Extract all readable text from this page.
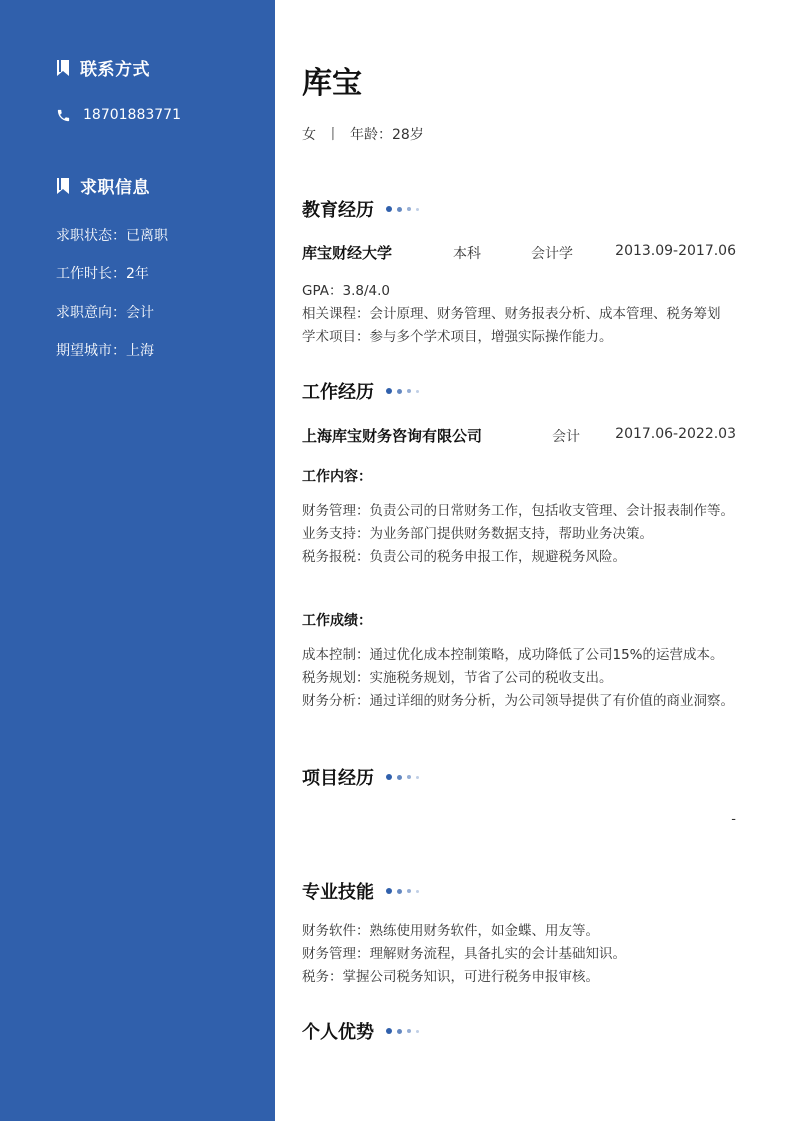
联系方式
18701883771
求职信息
求职状态：已离职
工作时长：2年
求职意向：会计
期望城市：上海
库宝
女 丨 年龄：28岁
教育经历
库宝财经大学	本科	会计学	2013.09-2017.06
GPA：3.8/4.0
相关课程：会计原理、财务管理、财务报表分析、成本管理、税务筹划
学术项目：参与多个学术项目，增强实际操作能力。
工作经历
上海库宝财务咨询有限公司	会计	2017.06-2022.03
工作内容：
财务管理：负责公司的日常财务工作，包括收支管理、会计报表制作等。
业务支持：为业务部门提供财务数据支持，帮助业务决策。
税务报税：负责公司的税务申报工作，规避税务风险。
工作成绩：
成本控制：通过优化成本控制策略，成功降低了公司15%的运营成本。
税务规划：实施税务规划，节省了公司的税收支出。
财务分析：通过详细的财务分析，为公司领导提供了有价值的商业洞察。
项目经历
-
专业技能
财务软件：熟练使用财务软件，如金蝶、用友等。
财务管理：理解财务流程，具备扎实的会计基础知识。
税务：掌握公司税务知识，可进行税务申报审核。
个人优势
